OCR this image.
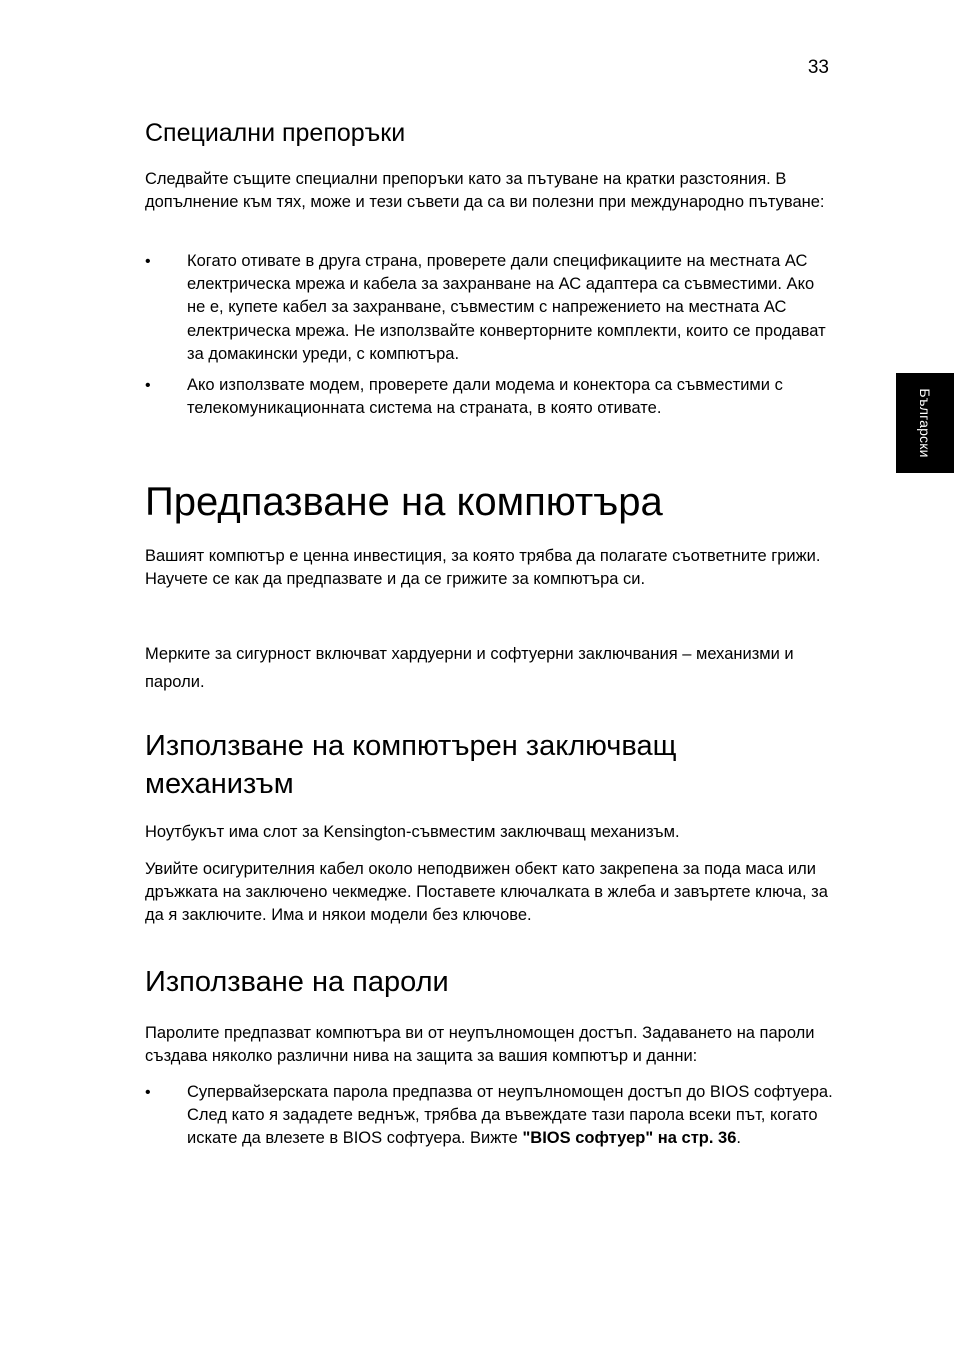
33
Български
Специални препоръки

Следвайте същите специални препоръки като за пътуване на кратки разстояния. В допълнение към тях, може и тези съвети да са ви полезни при международно пътуване:

• Когато отивате в друга страна, проверете дали спецификациите на местната АС електрическа мрежа и кабела за захранване на АС адаптера са съвместими. Ако не е, купете кабел за захранване, съвместим с напрежението на местната АС електрическа мрежа. Не използвайте конверторните комплекти, които се продават за домакински уреди, с компютъра.
• Ако използвате модем, проверете дали модема и конектора са съвместими с телекомуникационната система на страната, в която отивате.
Предпазване на компютъра

Вашият компютър е ценна инвестиция, за която трябва да полагате съответните грижи. Научете се как да предпазвате и да се грижите за компютъра си.

Мерките за сигурност включват хардуерни и софтуерни заключвания – механизми и пароли.

Използване на компютърен заключващ механизъм

Ноутбукът има слот за Kensington-съвместим заключващ механизъм.

Увийте осигурителния кабел около неподвижен обект като закрепена за пода маса или дръжката на заключено чекмедже. Поставете ключалката в жлеба и завъртете ключа, за да я заключите. Има и някои модели без ключове.

Използване на пароли

Паролите предпазват компютъра ви от неупълномощен достъп. Задаването на пароли създава няколко различни нива на защита за вашия компютър и данни:

• Супервайзерската парола предпазва от неупълномощен достъп до BIOS софтуера. След като я зададете веднъж, трябва да въвеждате тази парола всеки път, когато искате да влезете в BIOS софтуера. Вижте "BIOS софтуер" на стр. 36.
